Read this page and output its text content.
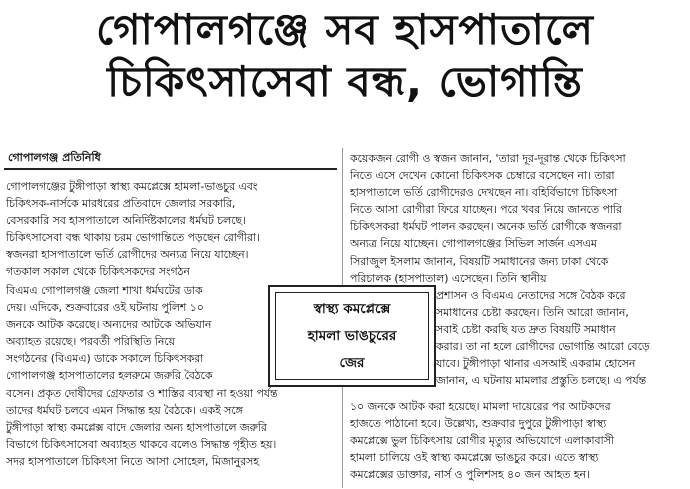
গোপালগঞ্জে সব হাসপাতালে
চিকিৎসাসেবা বন্ধ, ভোগান্তি
গোপালগঞ্জ প্রতিনিধি
গোপালগঞ্জের টুঙ্গীপাড়া স্বাস্থ্য কমপ্লেক্সে হামলা-ভাঙচুর এবং
চিকিৎসক-নার্সকে মারধরের প্রতিবাদে জেলার সরকারি,
বেসরকারি সব হাসপাতালে অনির্দিষ্টকালের ধর্মঘট চলছে।
চিকিৎসাসেবা বন্ধ থাকায় চরম ভোগান্তিতে পড়ছেন রোগীরা।
স্বজনরা হাসপাতালে ভর্তি রোগীদের অন্যত্র নিয়ে যাচ্ছেন।
গতকাল সকাল থেকে চিকিৎসকদের সংগঠন
বিএমএ গোপালগঞ্জ জেলা শাখা ধর্মঘটের ডাক
দেয়। এদিকে, শুক্রবারের ওই ঘটনায় পুলিশ ১০
জনকে আটক করেছে। অন্যদের আটকে অভিযান
অব্যাহত রয়েছে। পরবর্তী পরিস্থিতি নিয়ে
সংগঠনের (বিএমএ) ডাকে সকালে চিকিৎসকরা
গোপালগঞ্জ হাসপাতালের হলরুমে জরুরি বৈঠকে
বসেন। প্রকৃত দোষীদের গ্রেফতার ও শাস্তির ব্যবস্থা না হওয়া পর্যন্ত
তাদের ধর্মঘট চলবে এমন সিদ্ধান্ত হয় বৈঠকে। একই সঙ্গে
টুঙ্গীপাড়া স্বাস্থ্য কমপ্লেক্স বাদে জেলার অন্য হাসপাতালে জরুরি
বিভাগে চিকিৎসাসেবা অব্যাহত থাকবে বলেও সিদ্ধান্ত গৃহীত হয়।
সদর হাসপাতালে চিকিৎসা নিতে আসা সোহেল, মিজানুরসহ
কয়েকজন রোগী ও স্বজন জানান, 'তারা দূর-দূরান্ত থেকে চিকিৎসা
নিতে এসে দেখেন কোনো চিকিৎসক চেম্বারে বসেছেন না। তারা
হাসপাতালে ভর্তি রোগীদেরও দেখছেন না। বহির্বিভাগে চিকিৎসা
নিতে আসা রোগীরা ফিরে যাচ্ছেন। পরে খবর নিয়ে জানতে পারি
চিকিৎসকরা ধর্মঘট পালন করছেন। অনেক ভর্তি রোগীকে স্বজনরা
অন্যত্র নিয়ে যাচ্ছেন। গোপালগঞ্জের সিভিল সার্জন এসএম
সিরাজুল ইসলাম জানান, বিষয়টি সমাধানের জন্য ঢাকা থেকে
পরিচালক (হাসপাতাল) এসেছেন। তিনি স্থানীয়
প্রশাসন ও বিএমএ নেতাদের সঙ্গে বৈঠক করে
সমাধানের চেষ্টা করছেন। তিনি আরো জানান,
সবাই চেষ্টা করছি যত দ্রুত বিষয়টি সমাধান
করার। তা না হলে রোগীদের ভোগান্তি আরো বেড়ে
যাবে। টুঙ্গীপাড়া থানার এসআই একরাম হোসেন
জানান, এ ঘটনায় মামলার প্রস্তুতি চলছে। এ পর্যন্ত
১০ জনকে আটক করা হয়েছে। মামলা দায়েরের পর আটকদের
হাজতে পাঠানো হবে। উল্লেখ্য, শুক্রবার দুপুরে টুঙ্গীপাড়া স্বাস্থ্য
কমপ্লেক্সে ভুল চিকিৎসায় রোগীর মৃত্যুর অভিযোগে এলাকাবাসী
হামলা চালিয়ে ওই স্বাস্থ্য কমপ্লেক্সে ভাঙচুর করে। এতে স্বাস্থ্য
কমপ্লেক্সের ডাক্তার, নার্স ও পুলিশসহ ৪০ জন আহত হন।
স্বাস্থ্য কমপ্লেক্সে
হামলা ভাঙচুরের
জের
